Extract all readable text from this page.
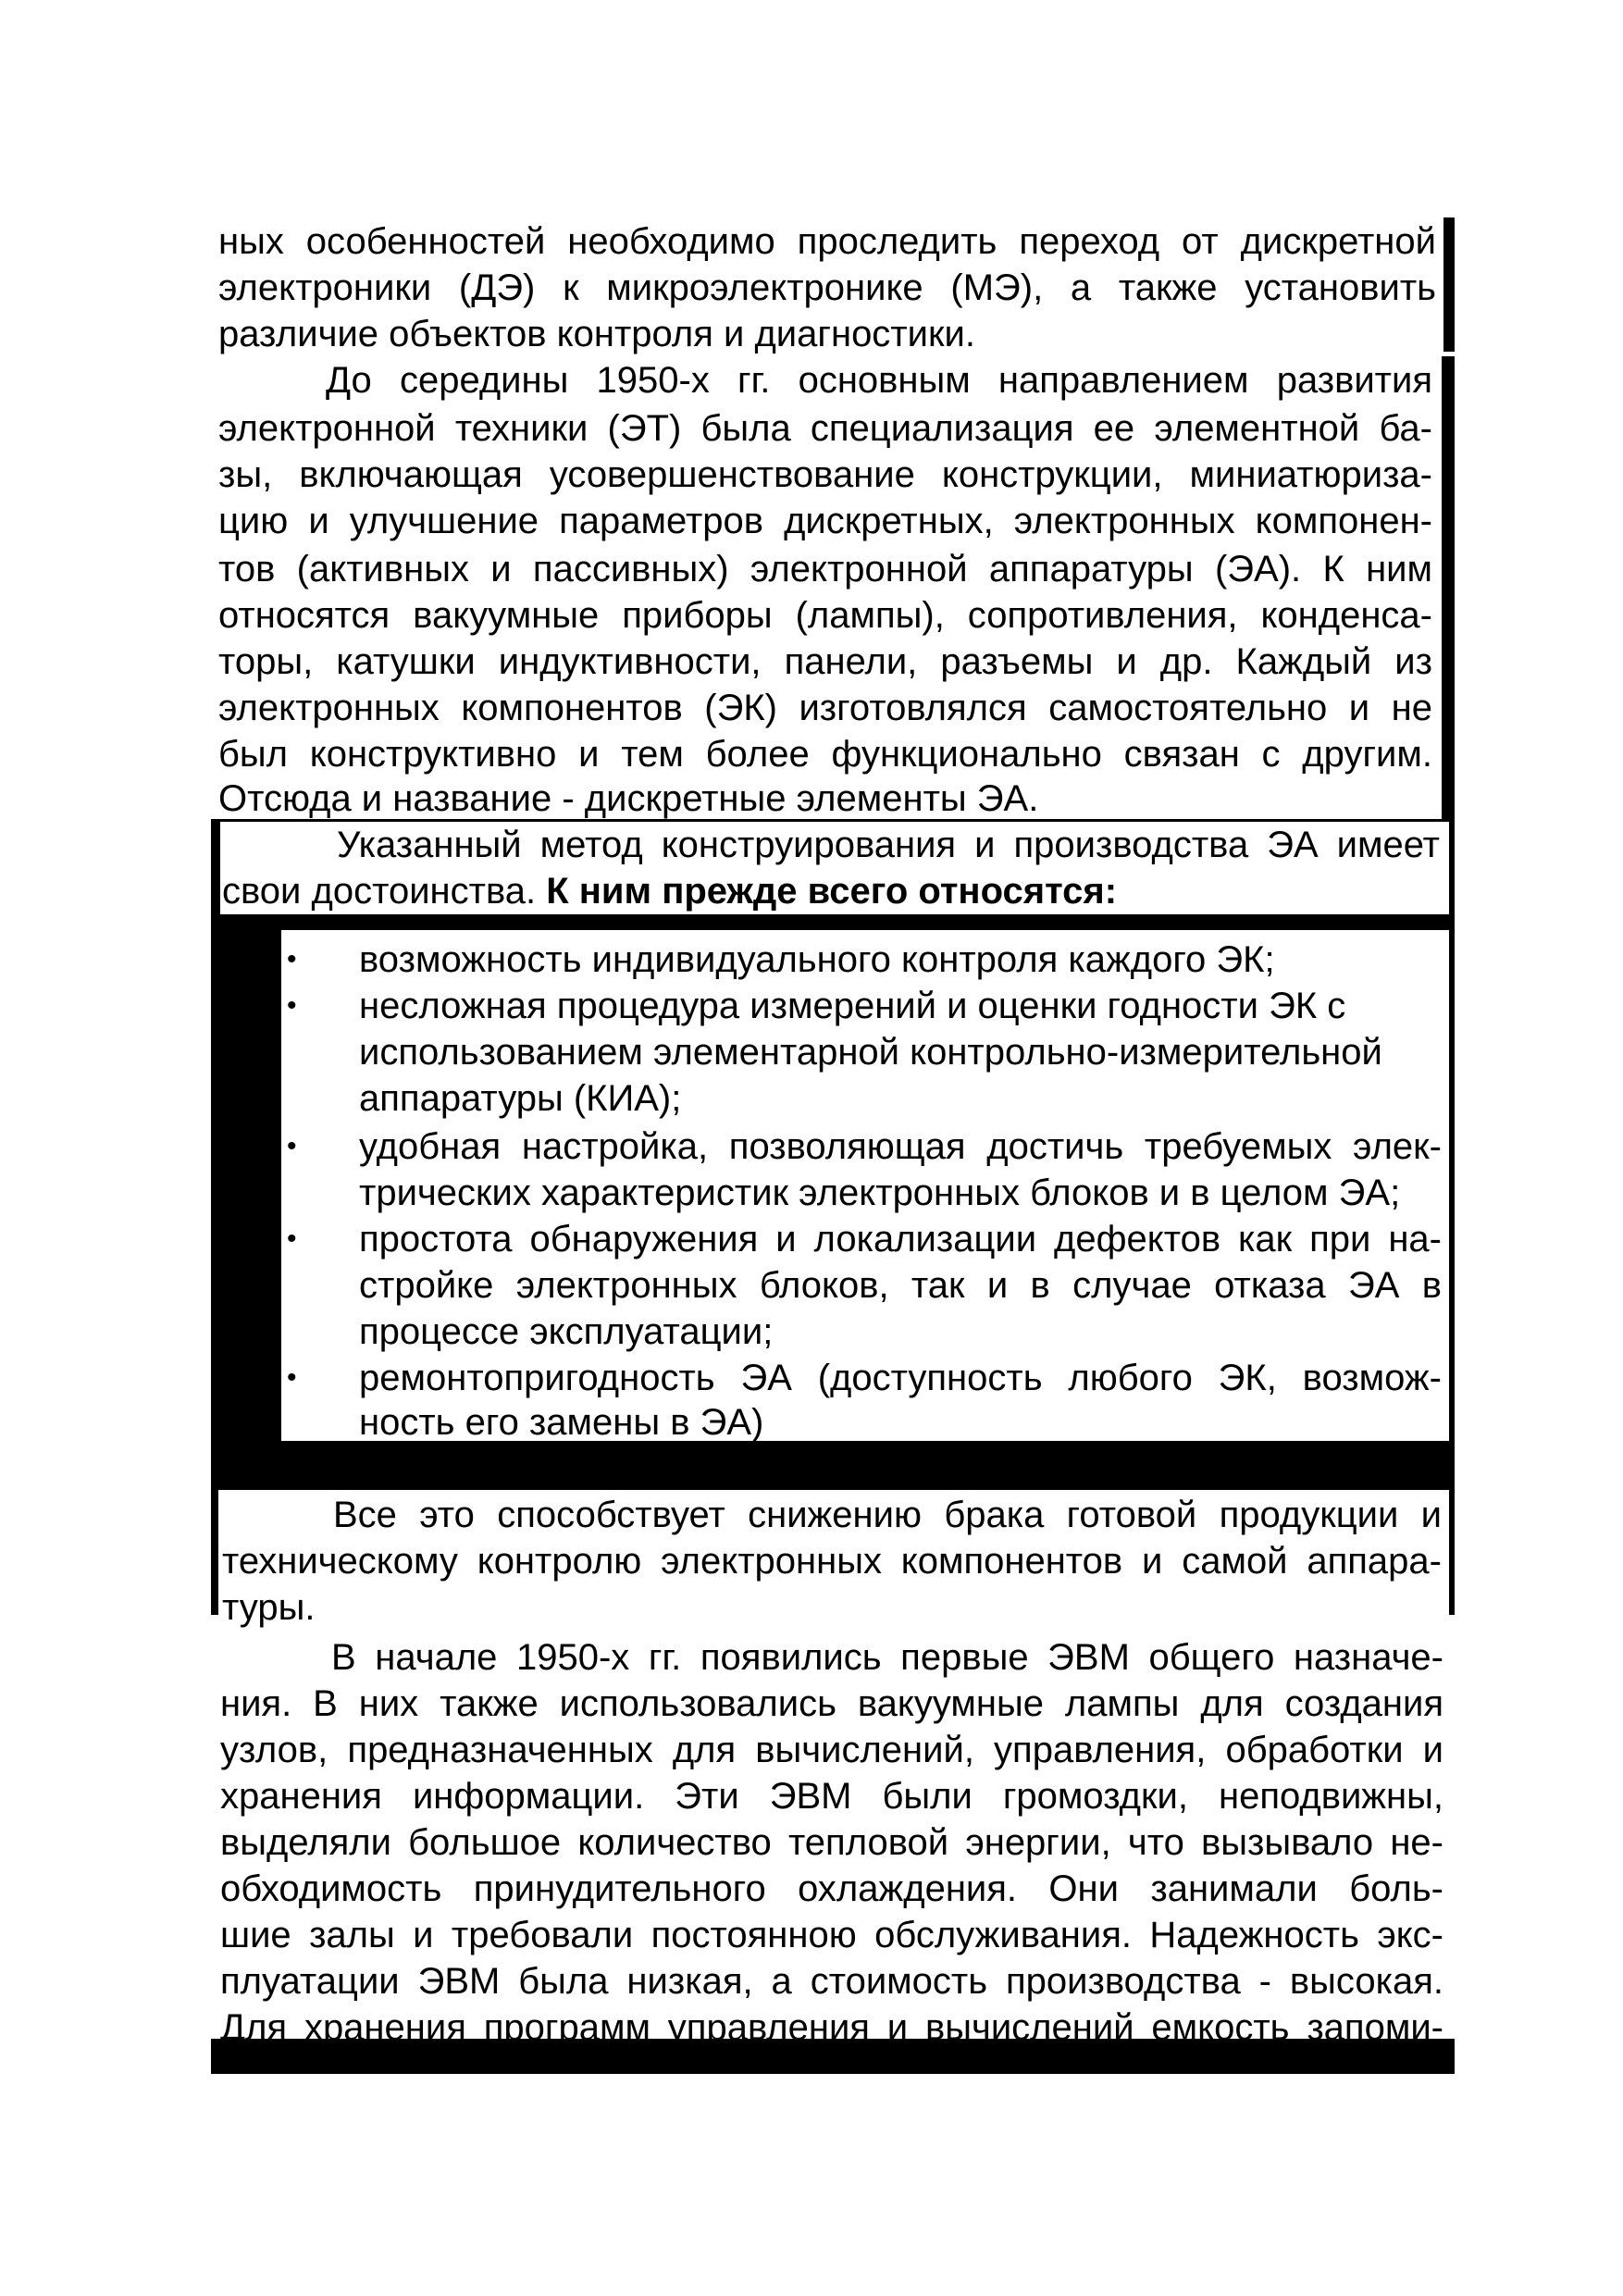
ных особенностей необходимо проследить переход от дискретной

электроники (ДЭ) к микроэлектронике (МЭ), а также установить

различие объектов контроля и диагностики.

До середины 1950-х гг. основным направлением развития

электронной техники (ЭТ) была специализация ее элементной ба-

зы, включающая усовершенствование конструкции, миниатюриза-

цию и улучшение параметров дискретных, электронных компонен-

тов (активных и пассивных) электронной аппаратуры (ЭА). К ним

относятся вакуумные приборы (лампы), сопротивления, конденса-

торы, катушки индуктивности, панели, разъемы и др. Каждый из

электронных компонентов (ЭК) изготовлялся самостоятельно и не

был конструктивно и тем более функционально связан с другим.

Отсюда и название - дискретные элементы ЭА.

Указанный метод конструирования и производства ЭА имеет

свои достоинства. К ним прежде всего относятся:

• возможность индивидуального контроля каждого ЭК;

• несложная процедура измерений и оценки годности ЭК с

использованием элементарной контрольно-измерительной

аппаратуры (КИА);

• удобная настройка, позволяющая достичь требуемых элек-

трических характеристик электронных блоков и в целом ЭА;

• простота обнаружения и локализации дефектов как при на-

стройке электронных блоков, так и в случае отказа ЭА в

процессе эксплуатации;

• ремонтопригодность ЭА (доступность любого ЭК, возмож-

ность его замены в ЭА)

Все это способствует снижению брака готовой продукции и

техническому контролю электронных компонентов и самой аппара-

туры.

В начале 1950-х гг. появились первые ЭВМ общего назначе-

ния. В них также использовались вакуумные лампы для создания

узлов, предназначенных для вычислений, управления, обработки и

хранения информации. Эти ЭВМ были громоздки, неподвижны,

выделяли большое количество тепловой энергии, что вызывало не-

обходимость принудительного охлаждения. Они занимали боль-

шие залы и требовали постоянною обслуживания. Надежность экс-

плуатации ЭВМ была низкая, а стоимость производства - высокая.

Для хранения программ управления и вычислений емкость запоми-
